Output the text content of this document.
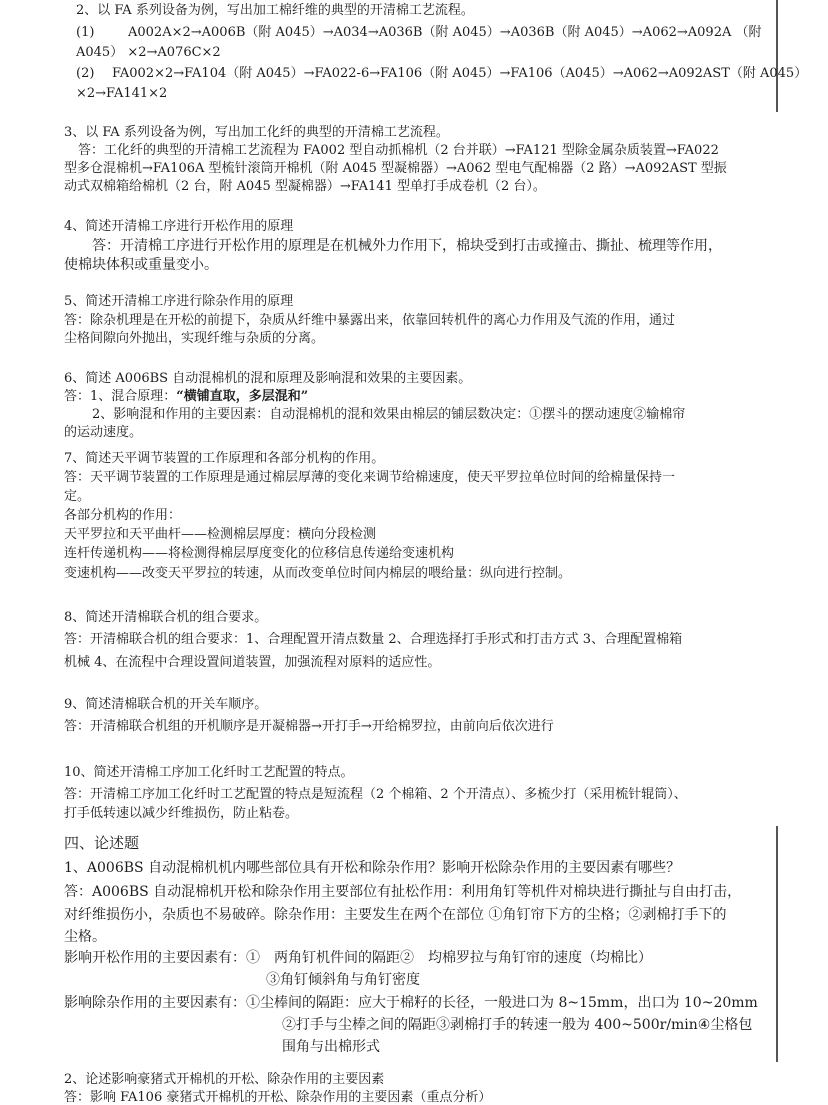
2、以 FA 系列设备为例，写出加工棉纤维的典型的开清棉工艺流程。
(1)	A002A×2→A006B（附 A045）→A034→A036B（附 A045）→A036B（附 A045）→A062→A092A （附
A045） ×2→A076C×2
(2) FA002×2→FA104（附 A045）→FA022-6→FA106（附 A045）→FA106（A045）→A062→A092AST（附 A045）
×2→FA141×2
3、以 FA 系列设备为例，写出加工化纤的典型的开清棉工艺流程。
答：工化纤的典型的开清棉工艺流程为 FA002 型自动抓棉机（2 台并联）→FA121 型除金属杂质装置→FA022
型多仓混棉机→FA106A 型梳针滚筒开棉机（附 A045 型凝棉器）→A062 型电气配棉器（2 路）→A092AST 型振
动式双棉箱给棉机（2 台，附 A045 型凝棉器）→FA141 型单打手成卷机（2 台）。
4、简述开清棉工序进行开松作用的原理
答：开清棉工序进行开松作用的原理是在机械外力作用下，棉块受到打击或撞击、撕扯、梳理等作用，
使棉块体积或重量变小。
5、简述开清棉工序进行除杂作用的原理
答：除杂机理是在开松的前提下，杂质从纤维中暴露出来，依靠回转机件的离心力作用及气流的作用，通过
尘格间隙向外抛出，实现纤维与杂质的分离。
6、简述 A006BS 自动混棉机的混和原理及影响混和效果的主要因素。
答：1、混合原理：“横铺直取，多层混和”
2、影响混和作用的主要因素：自动混棉机的混和效果由棉层的铺层数决定：①摆斗的摆动速度②输棉帘
的运动速度。
7、简述天平调节装置的工作原理和各部分机构的作用。
答：天平调节装置的工作原理是通过棉层厚薄的变化来调节给棉速度，使天平罗拉单位时间的给棉量保持一
定。
各部分机构的作用：
天平罗拉和天平曲杆——检测棉层厚度：横向分段检测
连杆传递机构——将检测得棉层厚度变化的位移信息传递给变速机构
变速机构——改变天平罗拉的转速，从而改变单位时间内棉层的喂给量：纵向进行控制。
8、简述开清棉联合机的组合要求。
答：开清棉联合机的组合要求：1、合理配置开清点数量 2、合理选择打手形式和打击方式 3、合理配置棉箱
机械 4、在流程中合理设置间道装置，加强流程对原料的适应性。
9、简述清棉联合机的开关车顺序。
答：开清棉联合机组的开机顺序是开凝棉器→开打手→开给棉罗拉，由前向后依次进行
10、简述开清棉工序加工化纤时工艺配置的特点。
答：开清棉工序加工化纤时工艺配置的特点是短流程（2 个棉箱、2 个开清点）、多梳少打（采用梳针辊筒）、
打手低转速以减少纤维损伤，防止粘卷。
四、论述题
1、A006BS 自动混棉机机内哪些部位具有开松和除杂作用？影响开松除杂作用的主要因素有哪些？
答：A006BS 自动混棉机开松和除杂作用主要部位有扯松作用：利用角钉等机件对棉块进行撕扯与自由打击，
对纤维损伤小，杂质也不易破碎。除杂作用：主要发生在两个在部位 ①角钉帘下方的尘格；②剥棉打手下的
尘格。
影响开松作用的主要因素有：①　两角钉机件间的隔距②　均棉罗拉与角钉帘的速度（均棉比）
③角钉倾斜角与角钉密度
影响除杂作用的主要因素有：①尘棒间的隔距：应大于棉籽的长径，一般进口为 8~15mm，出口为 10~20mm
②打手与尘棒之间的隔距③剥棉打手的转速一般为 400~500r/min④尘格包
围角与出棉形式
2、论述影响豪猪式开棉机的开松、除杂作用的主要因素
答：影响 FA106 豪猪式开棉机的开松、除杂作用的主要因素（重点分析）
